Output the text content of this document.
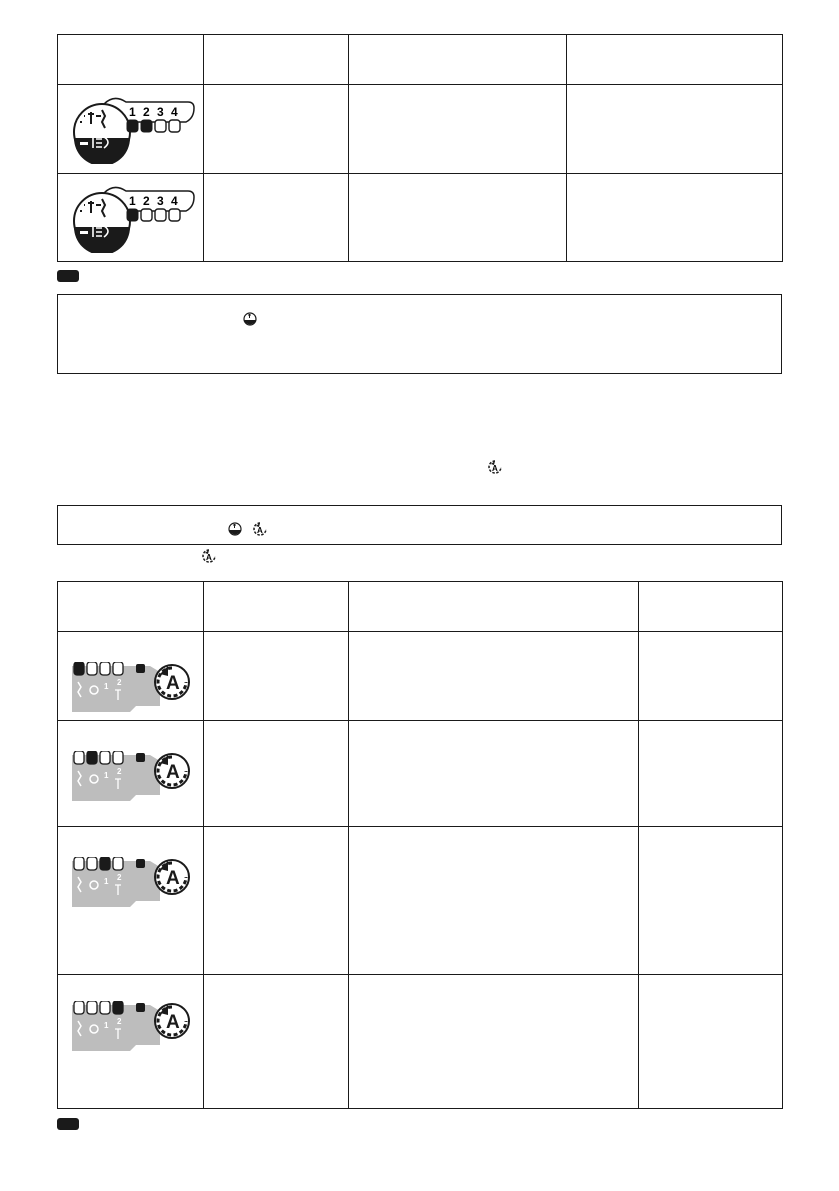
1 2 3 4			

1 2 3 4			

A
A
A

1 2 A			

1 2 A			

1 2 A			

1 2 A			
